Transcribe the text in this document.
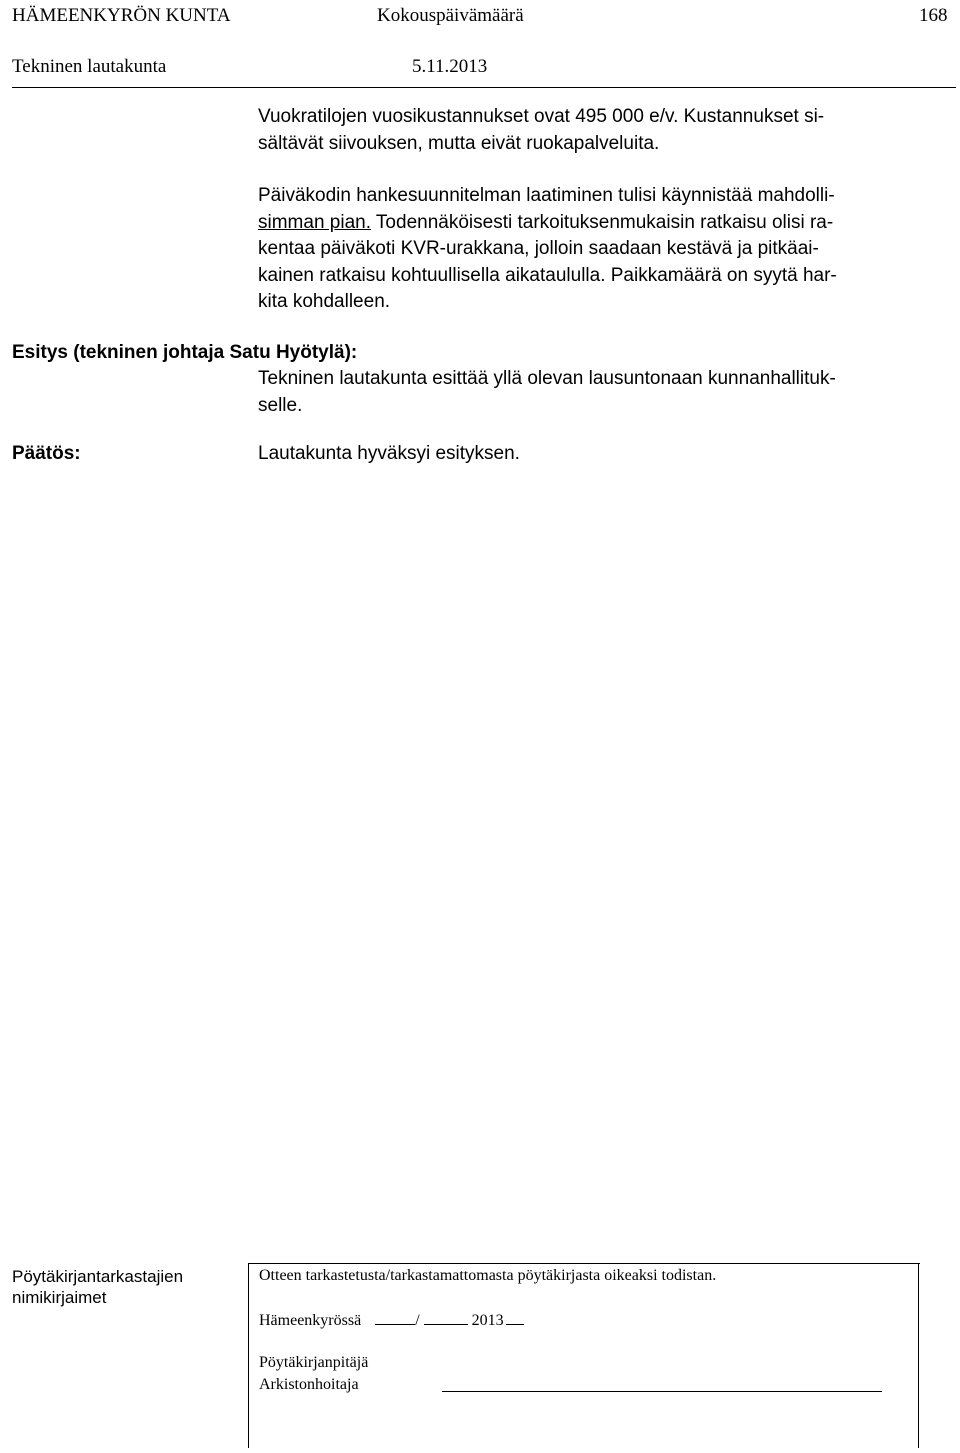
HÄMEENKYRÖN KUNTA	Kokouspäivämäärä	168
Tekninen lautakunta	5.11.2013
Vuokratilojen vuosikustannukset ovat 495 000 e/v. Kustannukset si-
sältävät siivouksen, mutta eivät ruokapalveluita.
Päiväkodin hankesuunnitelman laatiminen tulisi käynnistää mahdolli-
simman pian. Todennäköisesti tarkoituksenmukaisin ratkaisu olisi ra-
kentaa päiväkoti KVR-urakkana, jolloin saadaan kestävä ja pitkäai-
kainen ratkaisu kohtuullisella aikataululla. Paikkamäärä on syytä har-
kita kohdalleen.
Esitys (tekninen johtaja Satu Hyötylä):
Tekninen lautakunta esittää yllä olevan lausuntonaan kunnanhallituk-
selle.
Päätös:	Lautakunta hyväksyi esityksen.
Pöytäkirjantarkastajien
nimikirjaimet
Otteen tarkastetusta/tarkastamattomasta pöytäkirjasta oikeaksi todistan.
Hämeenkyrössä	/	2013
Pöytäkirjanpitäjä
Arkistonhoitaja
